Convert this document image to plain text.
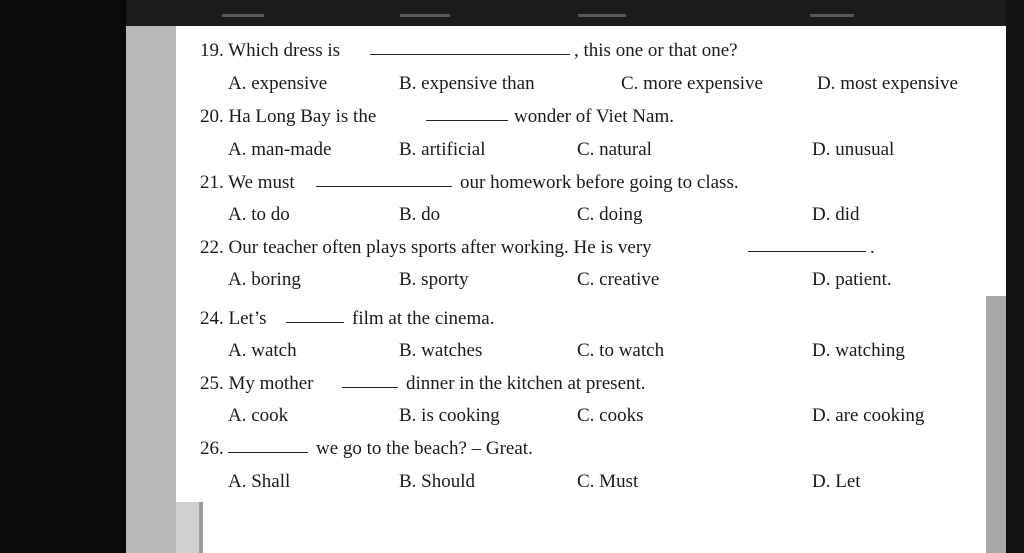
19. Which dress is	, this one or that one?
A. expensive	B. expensive than	C. more expensive	D. most expensive
20. Ha Long Bay is the	wonder of Viet Nam.
A. man-made	B. artificial	C. natural	D. unusual
21. We must	our homework before going to class.
A. to do	B. do	C. doing	D. did
22. Our teacher often plays sports after working. He is very	.
A. boring	B. sporty	C. creative	D. patient.
24. Let’s	film at the cinema.
A. watch	B. watches	C. to watch	D. watching
25. My mother	dinner in the kitchen at present.
A. cook	B. is cooking	C. cooks	D. are cooking
26.	we go to the beach? – Great.
A. Shall	B. Should	C. Must	D. Let
